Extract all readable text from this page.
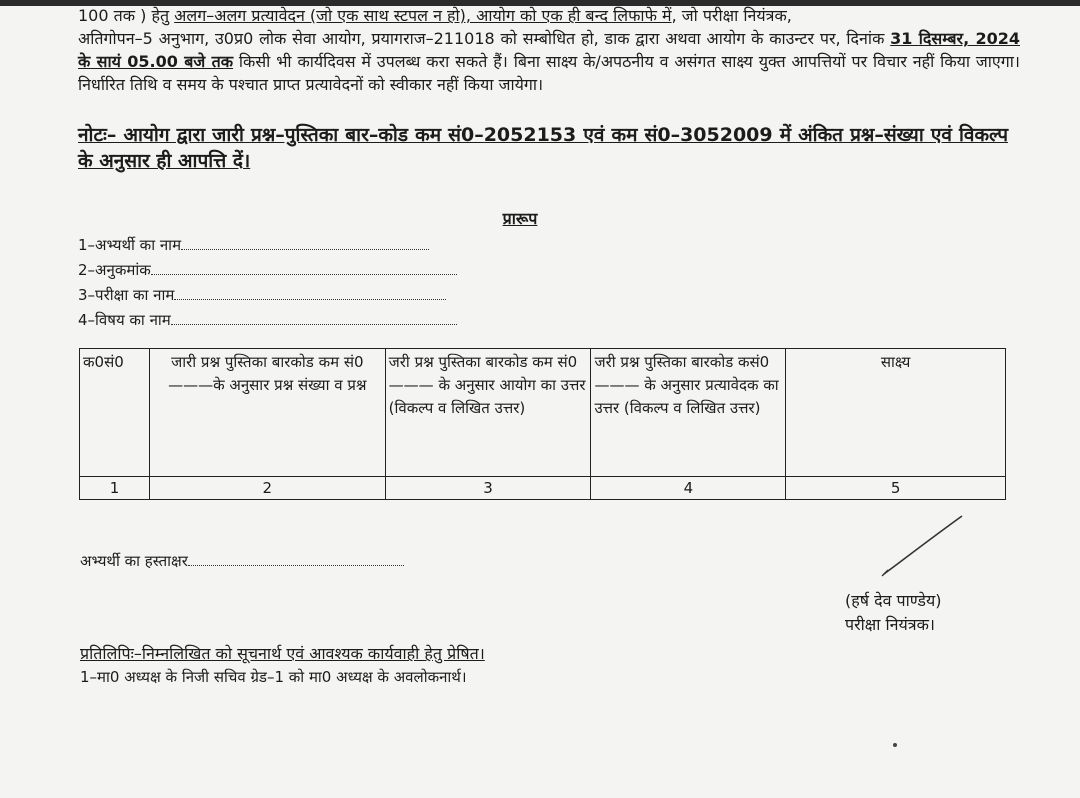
100 तक ) हेतु अलग–अलग प्रत्यावेदन (जो एक साथ स्टपल न हो), आयोग को एक ही बन्द लिफाफे में, जो परीक्षा नियंत्रक,
अतिगोपन–5 अनुभाग, उ0प्र0 लोक सेवा आयोग, प्रयागराज–211018 को सम्बोधित हो, डाक द्वारा अथवा आयोग के काउन्टर पर, दिनांक 31 दिसम्बर, 2024 के सायं 05.00 बजे तक किसी भी कार्यदिवस में उपलब्ध करा सकते हैं। बिना साक्ष्य के/अपठनीय व असंगत साक्ष्य युक्त आपत्तियों पर विचार नहीं किया जाएगा। निर्धारित तिथि व समय के पश्चात प्राप्त प्रत्यावेदनों को स्वीकार नहीं किया जायेगा।
नोटः– आयोग द्वारा जारी प्रश्न–पुस्तिका बार–कोड कम सं0–2052153 एवं कम सं0–3052009 में अंकित प्रश्न–संख्या एवं विकल्प के अनुसार ही आपत्ति दें।
प्रारूप
1–अभ्यर्थी का नाम
2–अनुकमांक
3–परीक्षा का नाम
4–विषय का नाम
क0सं0	जारी प्रश्न पुस्तिका बारकोड कम सं0———के अनुसार प्रश्न संख्या व प्रश्न	जरी प्रश्न पुस्तिका बारकोड कम सं0——— के अनुसार आयोग का उत्तर (विकल्प व लिखित उत्तर)	जरी प्रश्न पुस्तिका बारकोड कसं0——— के अनुसार प्रत्यावेदक का उत्तर (विकल्प व लिखित उत्तर)	साक्ष्य
1	2	3	4	5
अभ्यर्थी का हस्ताक्षर
(हर्ष देव पाण्डेय)
परीक्षा नियंत्रक।
प्रतिलिपिः–निम्नलिखित को सूचनार्थ एवं आवश्यक कार्यवाही हेतु प्रेषित।
1–मा0 अध्यक्ष के निजी सचिव ग्रेड–1 को मा0 अध्यक्ष के अवलोकनार्थ।
